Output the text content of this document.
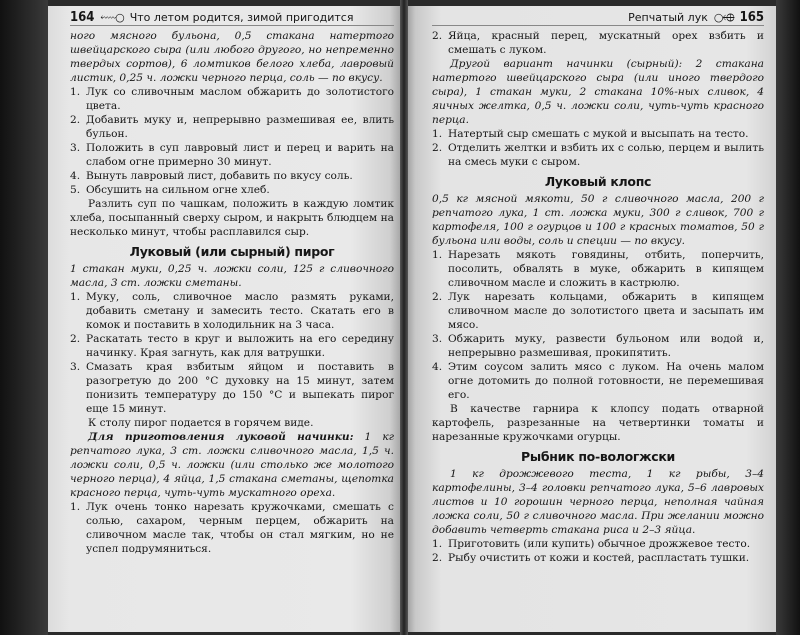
164 ⬳○ Что летом родится, зимой пригодится

ного мясного бульона, 0,5 стакана натертого швейцарского сыра (или любого другого, но непременно твердых сортов), 6 ломтиков белого хлеба, лавровый листик, 0,25 ч. ложки черного перца, соль — по вкусу.

1. Лук со сливочным маслом обжарить до золотистого цвета.
2. Добавить муку и, непрерывно размешивая ее, влить бульон.
3. Положить в суп лавровый лист и перец и варить на слабом огне примерно 30 минут.
4. Вынуть лавровый лист, добавить по вкусу соль.
5. Обсушить на сильном огне хлеб.

Разлить суп по чашкам, положить в каждую ломтик хлеба, посыпанный сверху сыром, и накрыть блюдцем на несколько минут, чтобы расплавился сыр.

Луковый (или сырный) пирог

1 стакан муки, 0,25 ч. ложки соли, 125 г сливочного масла, 3 ст. ложки сметаны.

1. Муку, соль, сливочное масло размять руками, добавить сметану и замесить тесто. Скатать его в комок и поставить в холодильник на 3 часа.
2. Раскатать тесто в круг и выложить на его середину начинку. Края загнуть, как для ватрушки.
3. Смазать края взбитым яйцом и поставить в разогретую до 200 °С духовку на 15 минут, затем понизить температуру до 150 °С и выпекать пирог еще 15 минут.

К столу пирог подается в горячем виде.

Для приготовления луковой начинки: 1 кг репчатого лука, 3 ст. ложки сливочного масла, 1,5 ч. ложки соли, 0,5 ч. ложки (или столько же молотого черного перца), 4 яйца, 1,5 стакана сметаны, щепотка красного перца, чуть-чуть мускатного ореха.

1. Лук очень тонко нарезать кружочками, смешать с солью, сахаром, черным перцем, обжарить на сливочном масле так, чтобы он стал мягким, но не успел подрумяниться.
Репчатый лук ○⬲ 165
2. Яйца, красный перец, мускатный орех взбить и смешать с луком.

Другой вариант начинки (сырный): 2 стакана натертого швейцарского сыра (или иного твердого сыра), 1 стакан муки, 2 стакана 10%-ных сливок, 4 яичных желтка, 0,5 ч. ложки соли, чуть-чуть красного перца.

1. Натертый сыр смешать с мукой и высыпать на тесто.
2. Отделить желтки и взбить их с солью, перцем и вылить на смесь муки с сыром.
Луковый клопс

0,5 кг мясной мякоти, 50 г сливочного масла, 200 г репчатого лука, 1 ст. ложка муки, 300 г сливок, 700 г картофеля, 100 г огурцов и 100 г красных томатов, 50 г бульона или воды, соль и специи — по вкусу.

1. Нарезать мякоть говядины, отбить, поперчить, посолить, обвалять в муке, обжарить в кипящем сливочном масле и сложить в кастрюлю.
2. Лук нарезать кольцами, обжарить в кипящем сливочном масле до золотистого цвета и засыпать им мясо.
3. Обжарить муку, развести бульоном или водой и, непрерывно размешивая, прокипятить.
4. Этим соусом залить мясо с луком. На очень малом огне дотомить до полной готовности, не перемешивая его.

В качестве гарнира к клопсу подать отварной картофель, разрезанные на четвертинки томаты и нарезанные кружочками огурцы.

Рыбник по-вологжски

1 кг дрожжевого теста, 1 кг рыбы, 3–4 картофелины, 3–4 головки репчатого лука, 5–6 лавровых листов и 10 горошин черного перца, неполная чайная ложка соли, 50 г сливочного масла. При желании можно добавить четверть стакана риса и 2–3 яйца.

1. Приготовить (или купить) обычное дрожжевое тесто.
2. Рыбу очистить от кожи и костей, распластать тушки.
